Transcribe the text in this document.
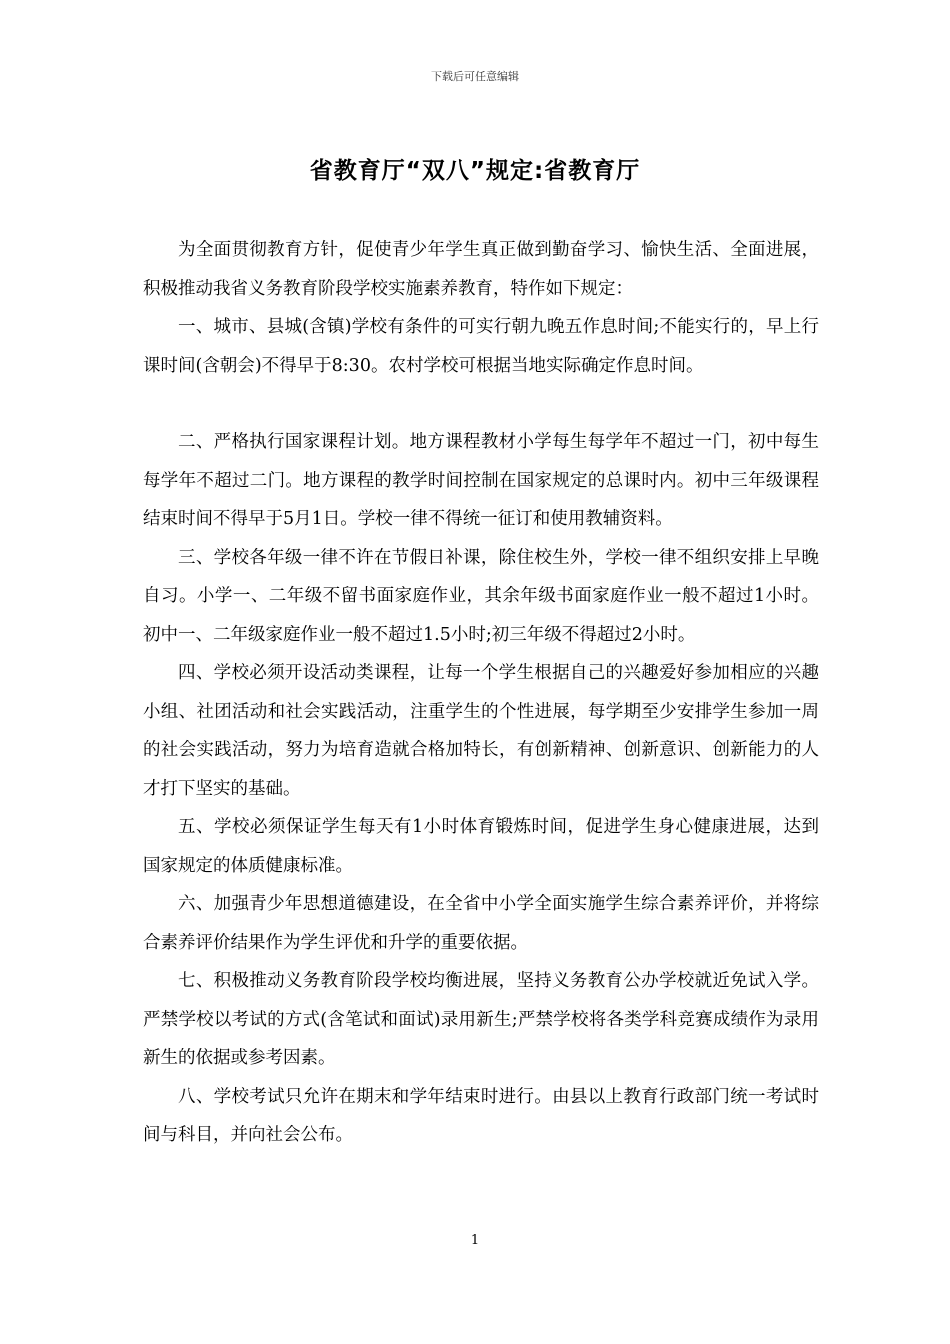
下载后可任意编辑
省教育厅“双八”规定:省教育厅

为全面贯彻教育方针，促使青少年学生真正做到勤奋学习、愉快生活、全面进展，积极推动我省义务教育阶段学校实施素养教育，特作如下规定：

一、城市、县城(含镇)学校有条件的可实行朝九晚五作息时间;不能实行的，早上行课时间(含朝会)不得早于8:30。农村学校可根据当地实际确定作息时间。

二、严格执行国家课程计划。地方课程教材小学每生每学年不超过一门，初中每生每学年不超过二门。地方课程的教学时间控制在国家规定的总课时内。初中三年级课程结束时间不得早于5月1日。学校一律不得统一征订和使用教辅资料。

三、学校各年级一律不许在节假日补课，除住校生外，学校一律不组织安排上早晚自习。小学一、二年级不留书面家庭作业，其余年级书面家庭作业一般不超过1小时。初中一、二年级家庭作业一般不超过1.5小时;初三年级不得超过2小时。

四、学校必须开设活动类课程，让每一个学生根据自己的兴趣爱好参加相应的兴趣小组、社团活动和社会实践活动，注重学生的个性进展，每学期至少安排学生参加一周的社会实践活动，努力为培育造就合格加特长，有创新精神、创新意识、创新能力的人才打下坚实的基础。

五、学校必须保证学生每天有1小时体育锻炼时间，促进学生身心健康进展，达到国家规定的体质健康标准。

六、加强青少年思想道德建设，在全省中小学全面实施学生综合素养评价，并将综合素养评价结果作为学生评优和升学的重要依据。

七、积极推动义务教育阶段学校均衡进展，坚持义务教育公办学校就近免试入学。严禁学校以考试的方式(含笔试和面试)录用新生;严禁学校将各类学科竞赛成绩作为录用新生的依据或参考因素。

八、学校考试只允许在期末和学年结束时进行。由县以上教育行政部门统一考试时间与科目，并向社会公布。

1
